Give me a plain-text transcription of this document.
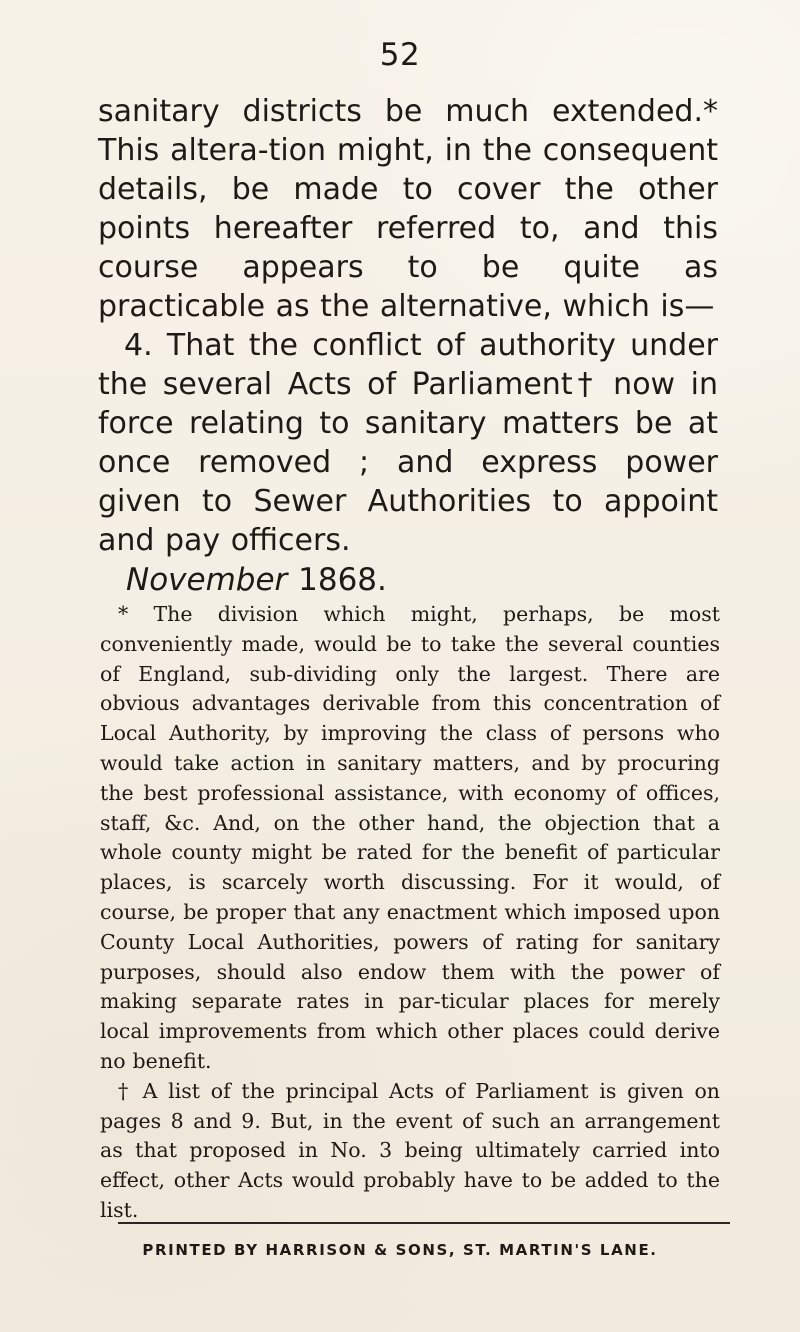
52

sanitary districts be much extended.* This altera-tion might, in the consequent details, be made to cover the other points hereafter referred to, and this course appears to be quite as practicable as the alternative, which is—

4. That the conflict of authority under the several Acts of Parliament† now in force relating to sanitary matters be at once removed ; and express power given to Sewer Authorities to appoint and pay officers.

November 1868.

* The division which might, perhaps, be most conveniently made, would be to take the several counties of England, sub-dividing only the largest. There are obvious advantages derivable from this concentration of Local Authority, by improving the class of persons who would take action in sanitary matters, and by procuring the best professional assistance, with economy of offices, staff, &c. And, on the other hand, the objection that a whole county might be rated for the benefit of particular places, is scarcely worth discussing. For it would, of course, be proper that any enactment which imposed upon County Local Authorities, powers of rating for sanitary purposes, should also endow them with the power of making separate rates in par-ticular places for merely local improvements from which other places could derive no benefit.

† A list of the principal Acts of Parliament is given on pages 8 and 9. But, in the event of such an arrangement as that proposed in No. 3 being ultimately carried into effect, other Acts would probably have to be added to the list.

PRINTED BY HARRISON & SONS, ST. MARTIN'S LANE.
